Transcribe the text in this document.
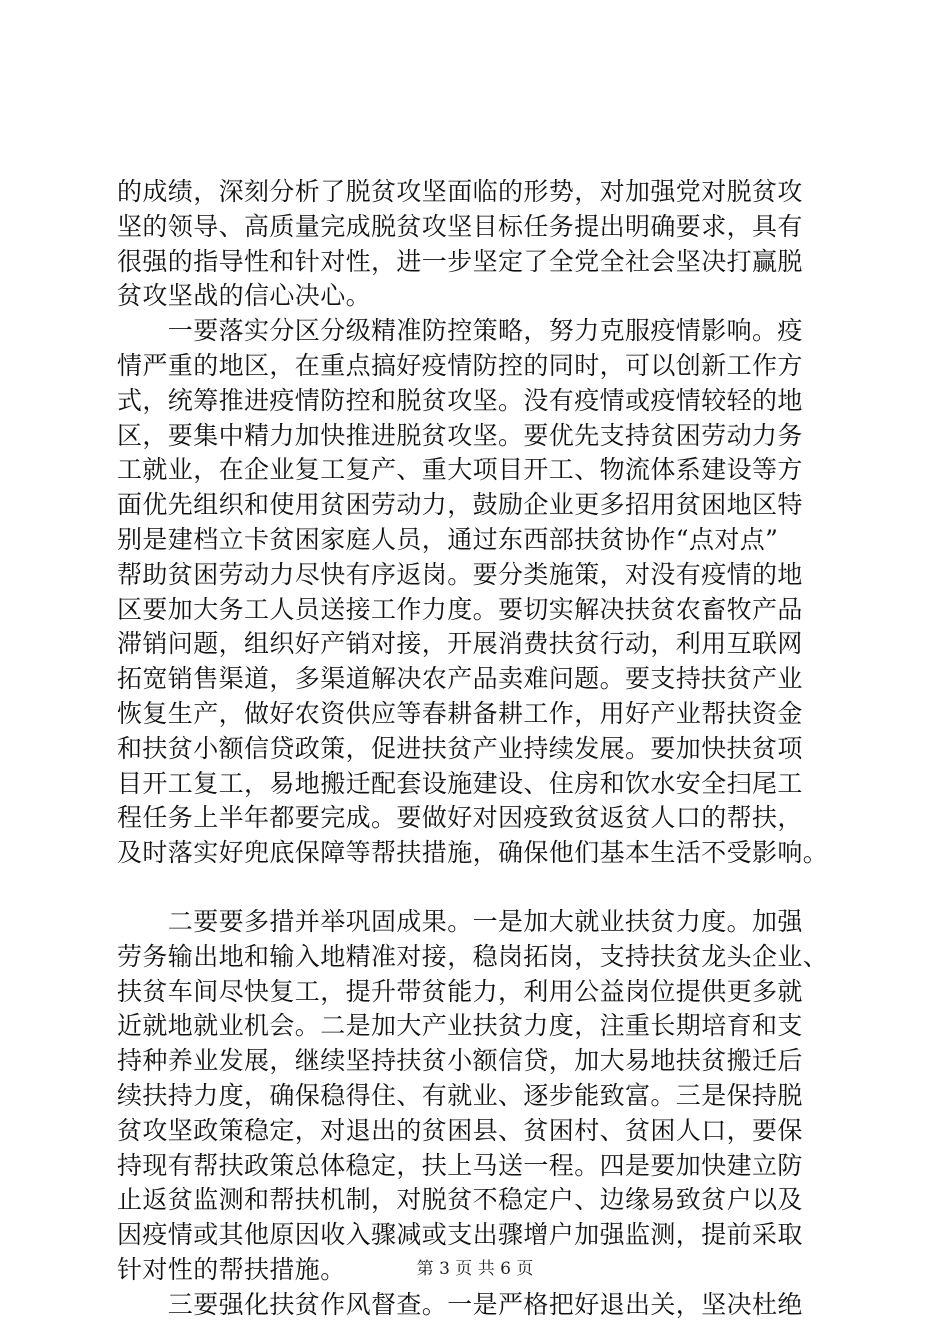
的成绩，深刻分析了脱贫攻坚面临的形势，对加强党对脱贫攻
坚的领导、高质量完成脱贫攻坚目标任务提出明确要求，具有
很强的指导性和针对性，进一步坚定了全党全社会坚决打赢脱
贫攻坚战的信心决心。

　　一要落实分区分级精准防控策略，努力克服疫情影响。疫
情严重的地区，在重点搞好疫情防控的同时，可以创新工作方
式，统筹推进疫情防控和脱贫攻坚。没有疫情或疫情较轻的地
区，要集中精力加快推进脱贫攻坚。要优先支持贫困劳动力务
工就业，在企业复工复产、重大项目开工、物流体系建设等方
面优先组织和使用贫困劳动力，鼓励企业更多招用贫困地区特
别是建档立卡贫困家庭人员，通过东西部扶贫协作“点对点”
帮助贫困劳动力尽快有序返岗。要分类施策，对没有疫情的地
区要加大务工人员送接工作力度。要切实解决扶贫农畜牧产品
滞销问题，组织好产销对接，开展消费扶贫行动，利用互联网
拓宽销售渠道，多渠道解决农产品卖难问题。要支持扶贫产业
恢复生产，做好农资供应等春耕备耕工作，用好产业帮扶资金
和扶贫小额信贷政策，促进扶贫产业持续发展。要加快扶贫项
目开工复工，易地搬迁配套设施建设、住房和饮水安全扫尾工
程任务上半年都要完成。要做好对因疫致贫返贫人口的帮扶，
及时落实好兜底保障等帮扶措施，确保他们基本生活不受影响。

　　二要要多措并举巩固成果。一是加大就业扶贫力度。加强
劳务输出地和输入地精准对接，稳岗拓岗，支持扶贫龙头企业、
扶贫车间尽快复工，提升带贫能力，利用公益岗位提供更多就
近就地就业机会。二是加大产业扶贫力度，注重长期培育和支
持种养业发展，继续坚持扶贫小额信贷，加大易地扶贫搬迁后
续扶持力度，确保稳得住、有就业、逐步能致富。三是保持脱
贫攻坚政策稳定，对退出的贫困县、贫困村、贫困人口，要保
持现有帮扶政策总体稳定，扶上马送一程。四是要加快建立防
止返贫监测和帮扶机制，对脱贫不稳定户、边缘易致贫户以及
因疫情或其他原因收入骤减或支出骤增户加强监测，提前采取
针对性的帮扶措施。

　　三要强化扶贫作风督查。一是严格把好退出关，坚决杜绝

第 3 页 共 6 页
